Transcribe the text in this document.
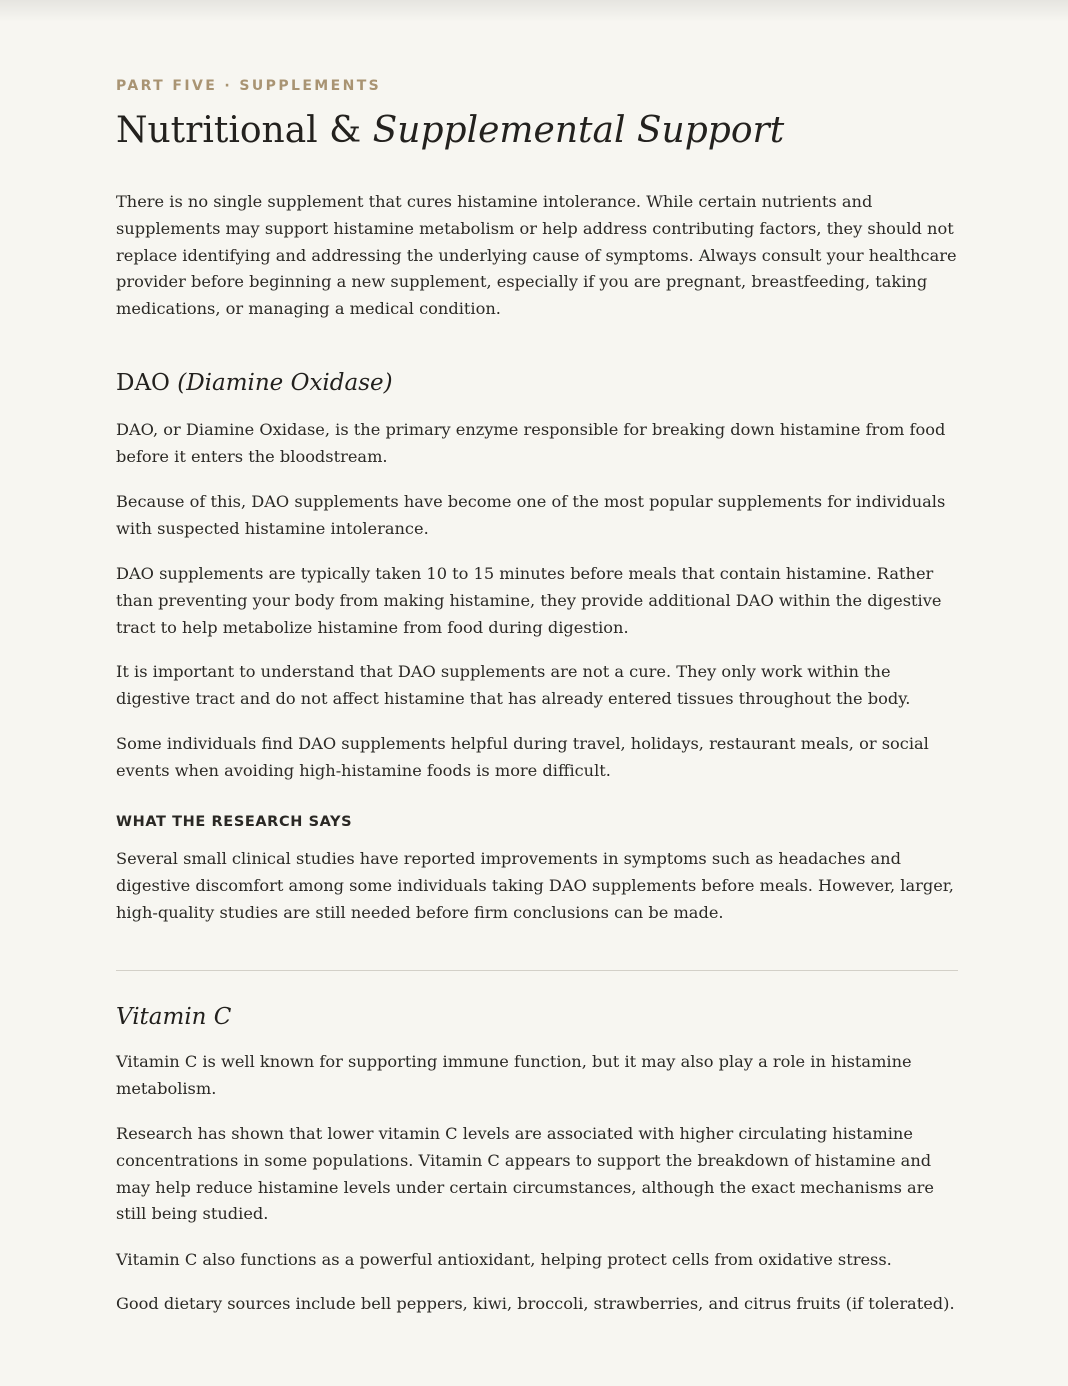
PART FIVE · SUPPLEMENTS
Nutritional & Supplemental Support

There is no single supplement that cures histamine intolerance. While certain nutrients and supplements may support histamine metabolism or help address contributing factors, they should not replace identifying and addressing the underlying cause of symptoms. Always consult your healthcare provider before beginning a new supplement, especially if you are pregnant, breastfeeding, taking medications, or managing a medical condition.

DAO (Diamine Oxidase)

DAO, or Diamine Oxidase, is the primary enzyme responsible for breaking down histamine from food before it enters the bloodstream.

Because of this, DAO supplements have become one of the most popular supplements for individuals with suspected histamine intolerance.

DAO supplements are typically taken 10 to 15 minutes before meals that contain histamine. Rather than preventing your body from making histamine, they provide additional DAO within the digestive tract to help metabolize histamine from food during digestion.

It is important to understand that DAO supplements are not a cure. They only work within the digestive tract and do not affect histamine that has already entered tissues throughout the body.

Some individuals find DAO supplements helpful during travel, holidays, restaurant meals, or social events when avoiding high-histamine foods is more difficult.

WHAT THE RESEARCH SAYS

Several small clinical studies have reported improvements in symptoms such as headaches and digestive discomfort among some individuals taking DAO supplements before meals. However, larger, high-quality studies are still needed before firm conclusions can be made.

Vitamin C

Vitamin C is well known for supporting immune function, but it may also play a role in histamine metabolism.

Research has shown that lower vitamin C levels are associated with higher circulating histamine concentrations in some populations. Vitamin C appears to support the breakdown of histamine and may help reduce histamine levels under certain circumstances, although the exact mechanisms are still being studied.

Vitamin C also functions as a powerful antioxidant, helping protect cells from oxidative stress.

Good dietary sources include bell peppers, kiwi, broccoli, strawberries, and citrus fruits (if tolerated).
